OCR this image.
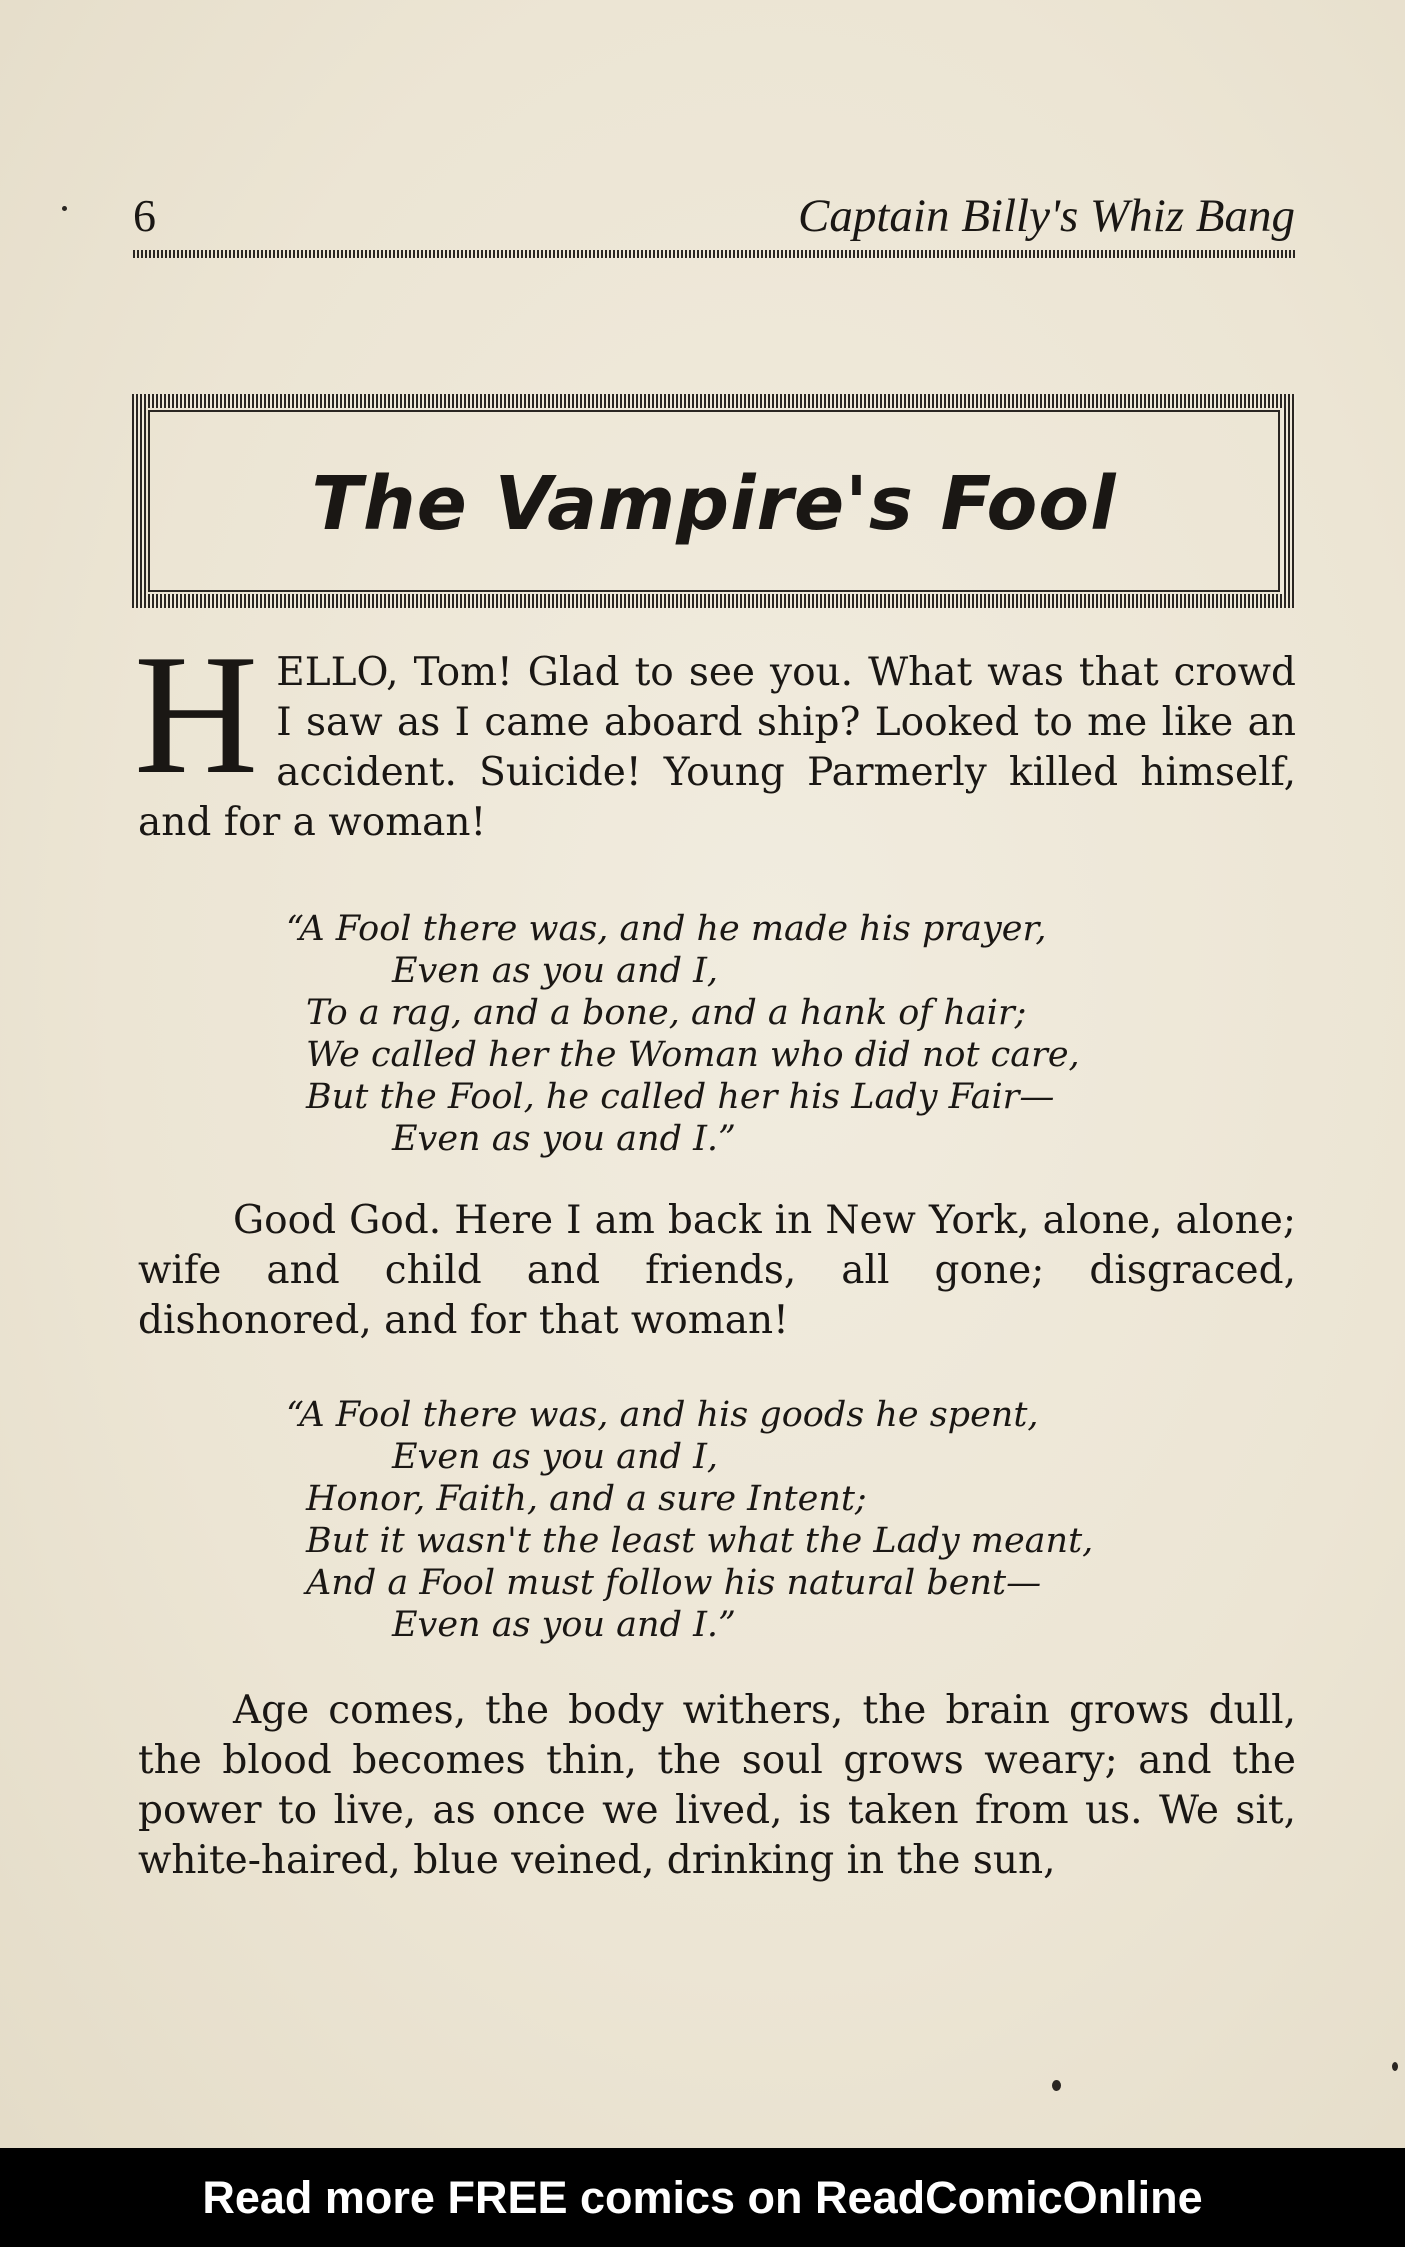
6	Captain Billy's Whiz Bang
The Vampire's Fool
HELLO, Tom! Glad to see you. What was that crowd I saw as I came aboard ship? Looked to me like an accident. Suicide! Young Parmerly killed himself, and for a woman!
“A Fool there was, and he made his prayer,
Even as you and I,
To a rag, and a bone, and a hank of hair;
We called her the Woman who did not care,
But the Fool, he called her his Lady Fair—
Even as you and I.”
Good God. Here I am back in New York, alone, alone; wife and child and friends, all gone; disgraced, dishonored, and for that woman!
“A Fool there was, and his goods he spent,
Even as you and I,
Honor, Faith, and a sure Intent;
But it wasn't the least what the Lady meant,
And a Fool must follow his natural bent—
Even as you and I.”
Age comes, the body withers, the brain grows dull, the blood becomes thin, the soul grows weary; and the power to live, as once we lived, is taken from us. We sit, white-haired, blue veined, drinking in the sun,
Read more FREE comics on ReadComicOnline
